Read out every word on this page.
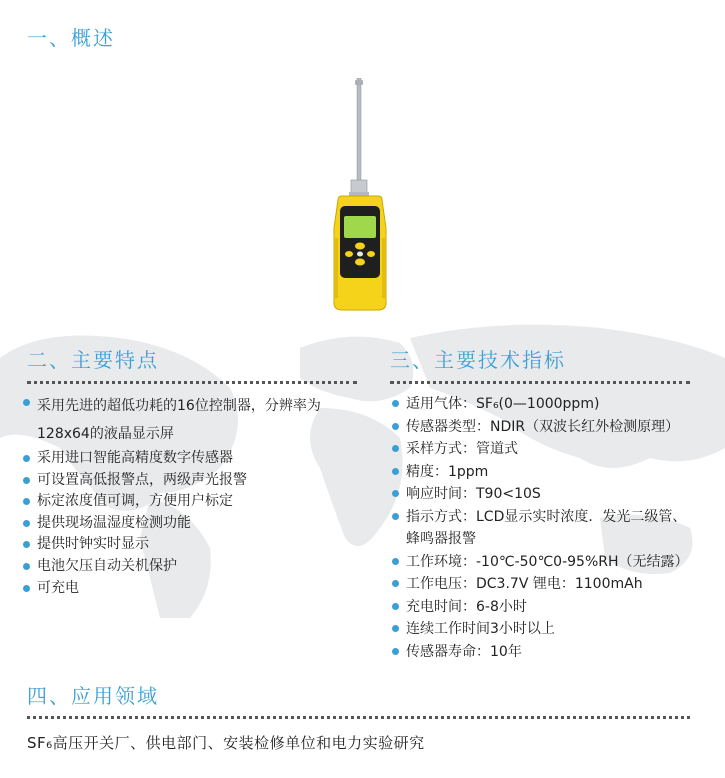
一、概述
二、主要特点
采用先进的超低功耗的16位控制器，分辨率为
128x64的液晶显示屏
采用进口智能高精度数字传感器
可设置高低报警点，两级声光报警
标定浓度值可调，方便用户标定
提供现场温湿度检测功能
提供时钟实时显示
电池欠压自动关机保护
可充电
三、主要技术指标
适用气体：SF₆(0—1000ppm)
传感器类型：NDIR（双波长红外检测原理）
采样方式：管道式
精度：1ppm
响应时间：T90<10S
指示方式：LCD显示实时浓度．发光二级管、
蜂鸣器报警
工作环境：-10℃-50℃0-95%RH（无结露）
工作电压：DC3.7V 锂电：1100mAh
充电时间：6-8小时
连续工作时间3小时以上
传感器寿命：10年
四、应用领域
SF₆高压开关厂、供电部门、安装检修单位和电力实验研究
